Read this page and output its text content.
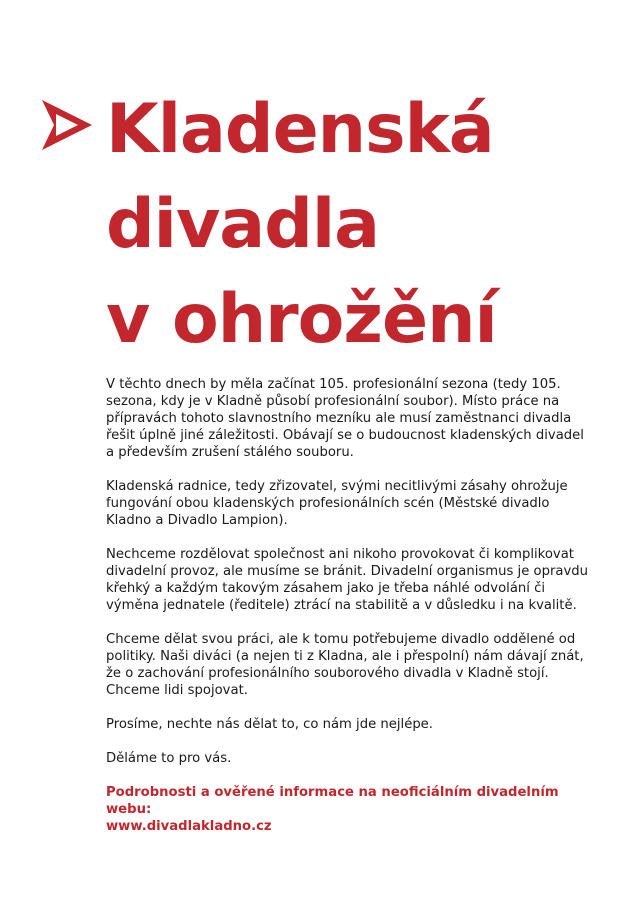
Kladenská
divadla
v ohrožění

V těchto dnech by měla začínat 105. profesionální sezona (tedy 105. sezona, kdy je v Kladně působí profesionální soubor). Místo práce na přípravách tohoto slavnostního mezníku ale musí zaměstnanci divadla řešit úplně jiné záležitosti. Obávají se o budoucnost kladenských divadel a především zrušení stálého souboru.

Kladenská radnice, tedy zřizovatel, svými necitlivými zásahy ohrožuje fungování obou kladenských profesionálních scén (Městské divadlo Kladno a Divadlo Lampion).

Nechceme rozdělovat společnost ani nikoho provokovat či komplikovat divadelní provoz, ale musíme se bránit. Divadelní organismus je opravdu křehký a každým takovým zásahem jako je třeba náhlé odvolání či výměna jednatele (ředitele) ztrácí na stabilitě a v důsledku i na kvalitě.

Chceme dělat svou práci, ale k tomu potřebujeme divadlo oddělené od politiky. Naši diváci (a nejen ti z Kladna, ale i přespolní) nám dávají znát, že o zachování profesionálního souborového divadla v Kladně stojí. Chceme lidi spojovat.

Prosíme, nechte nás dělat to, co nám jde nejlépe.

Děláme to pro vás.

Podrobnosti a ověřené informace na neoficiálním divadelním webu:
www.divadlakladno.cz
